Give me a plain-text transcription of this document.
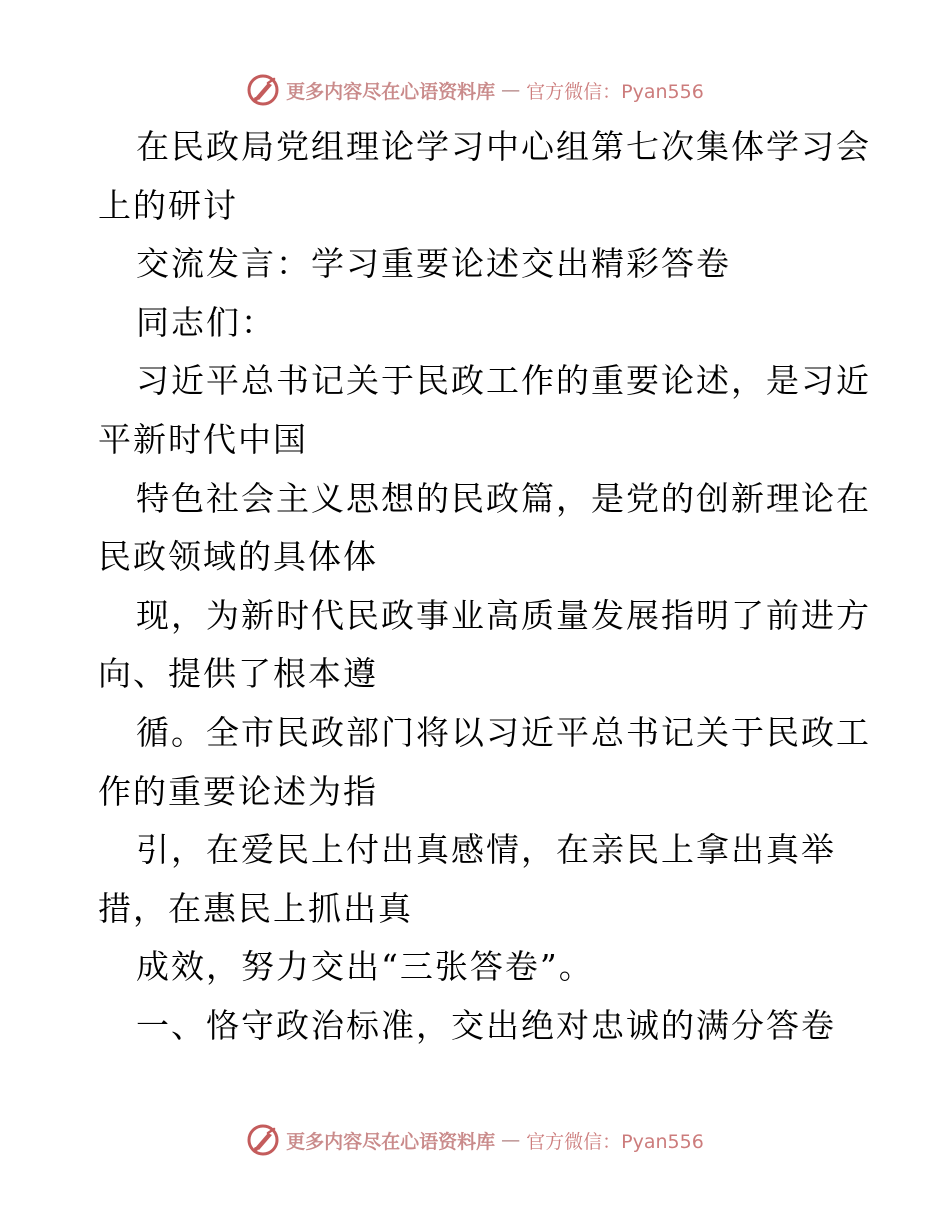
更多内容尽在心语资料库 — 官方微信：Pyan556
在民政局党组理论学习中心组第七次集体学习会
上的研讨
交流发言：学习重要论述交出精彩答卷
同志们：
习近平总书记关于民政工作的重要论述，是习近
平新时代中国
特色社会主义思想的民政篇，是党的创新理论在
民政领域的具体体
现，为新时代民政事业高质量发展指明了前进方
向、提供了根本遵
循。全市民政部门将以习近平总书记关于民政工
作的重要论述为指
引，在爱民上付出真感情，在亲民上拿出真举
措，在惠民上抓出真
成效，努力交出“三张答卷”。
一、恪守政治标准，交出绝对忠诚的满分答卷
更多内容尽在心语资料库 — 官方微信：Pyan556
